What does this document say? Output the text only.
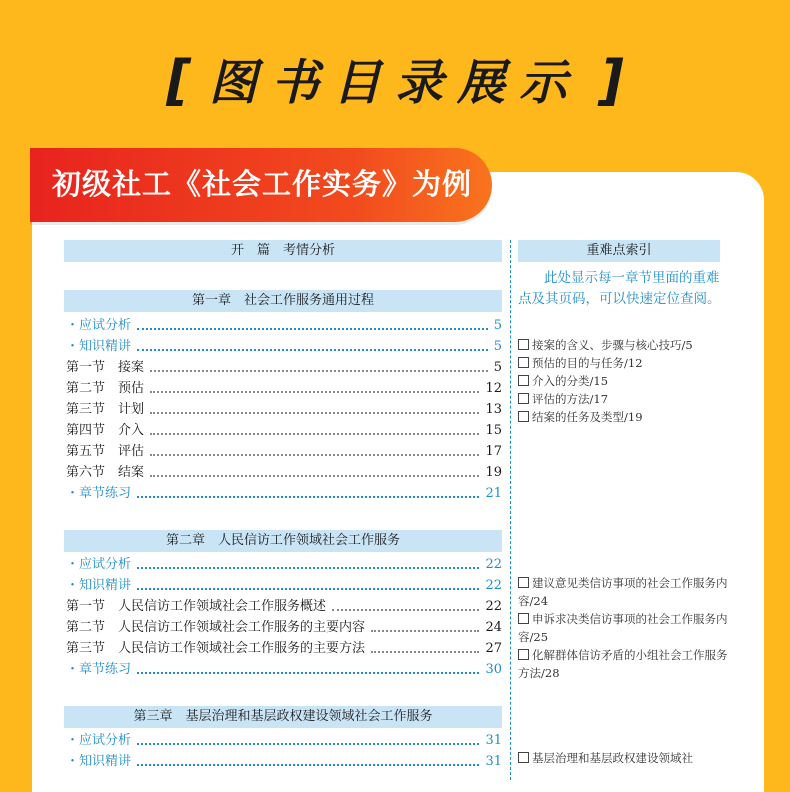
[ 图书目录展示 ]
初级社工《社会工作实务》为例
开　篇　考情分析	重难点索引
第一章　社会工作服务通用过程
・应试分析	5
・知识精讲	5
第一节　接案	5
第二节　预估	12
第三节　计划	13
第四节　介入	15
第五节　评估	17
第六节　结案	19
・章节练习	21
第二章　人民信访工作领域社会工作服务
・应试分析	22
・知识精讲	22
第一节　人民信访工作领域社会工作服务概述	22
第二节　人民信访工作领域社会工作服务的主要内容	24
第三节　人民信访工作领域社会工作服务的主要方法	27
・章节练习	30
第三章　基层治理和基层政权建设领域社会工作服务
・应试分析	31
・知识精讲	31
此处显示每一章节里面的重难点及其页码，可以快速定位查阅。
接案的含义、步骤与核心技巧/5
预估的目的与任务/12
介入的分类/15
评估的方法/17
结案的任务及类型/19
建议意见类信访事项的社会工作服务内容/24
申诉求决类信访事项的社会工作服务内容/25
化解群体信访矛盾的小组社会工作服务方法/28
基层治理和基层政权建设领域社
